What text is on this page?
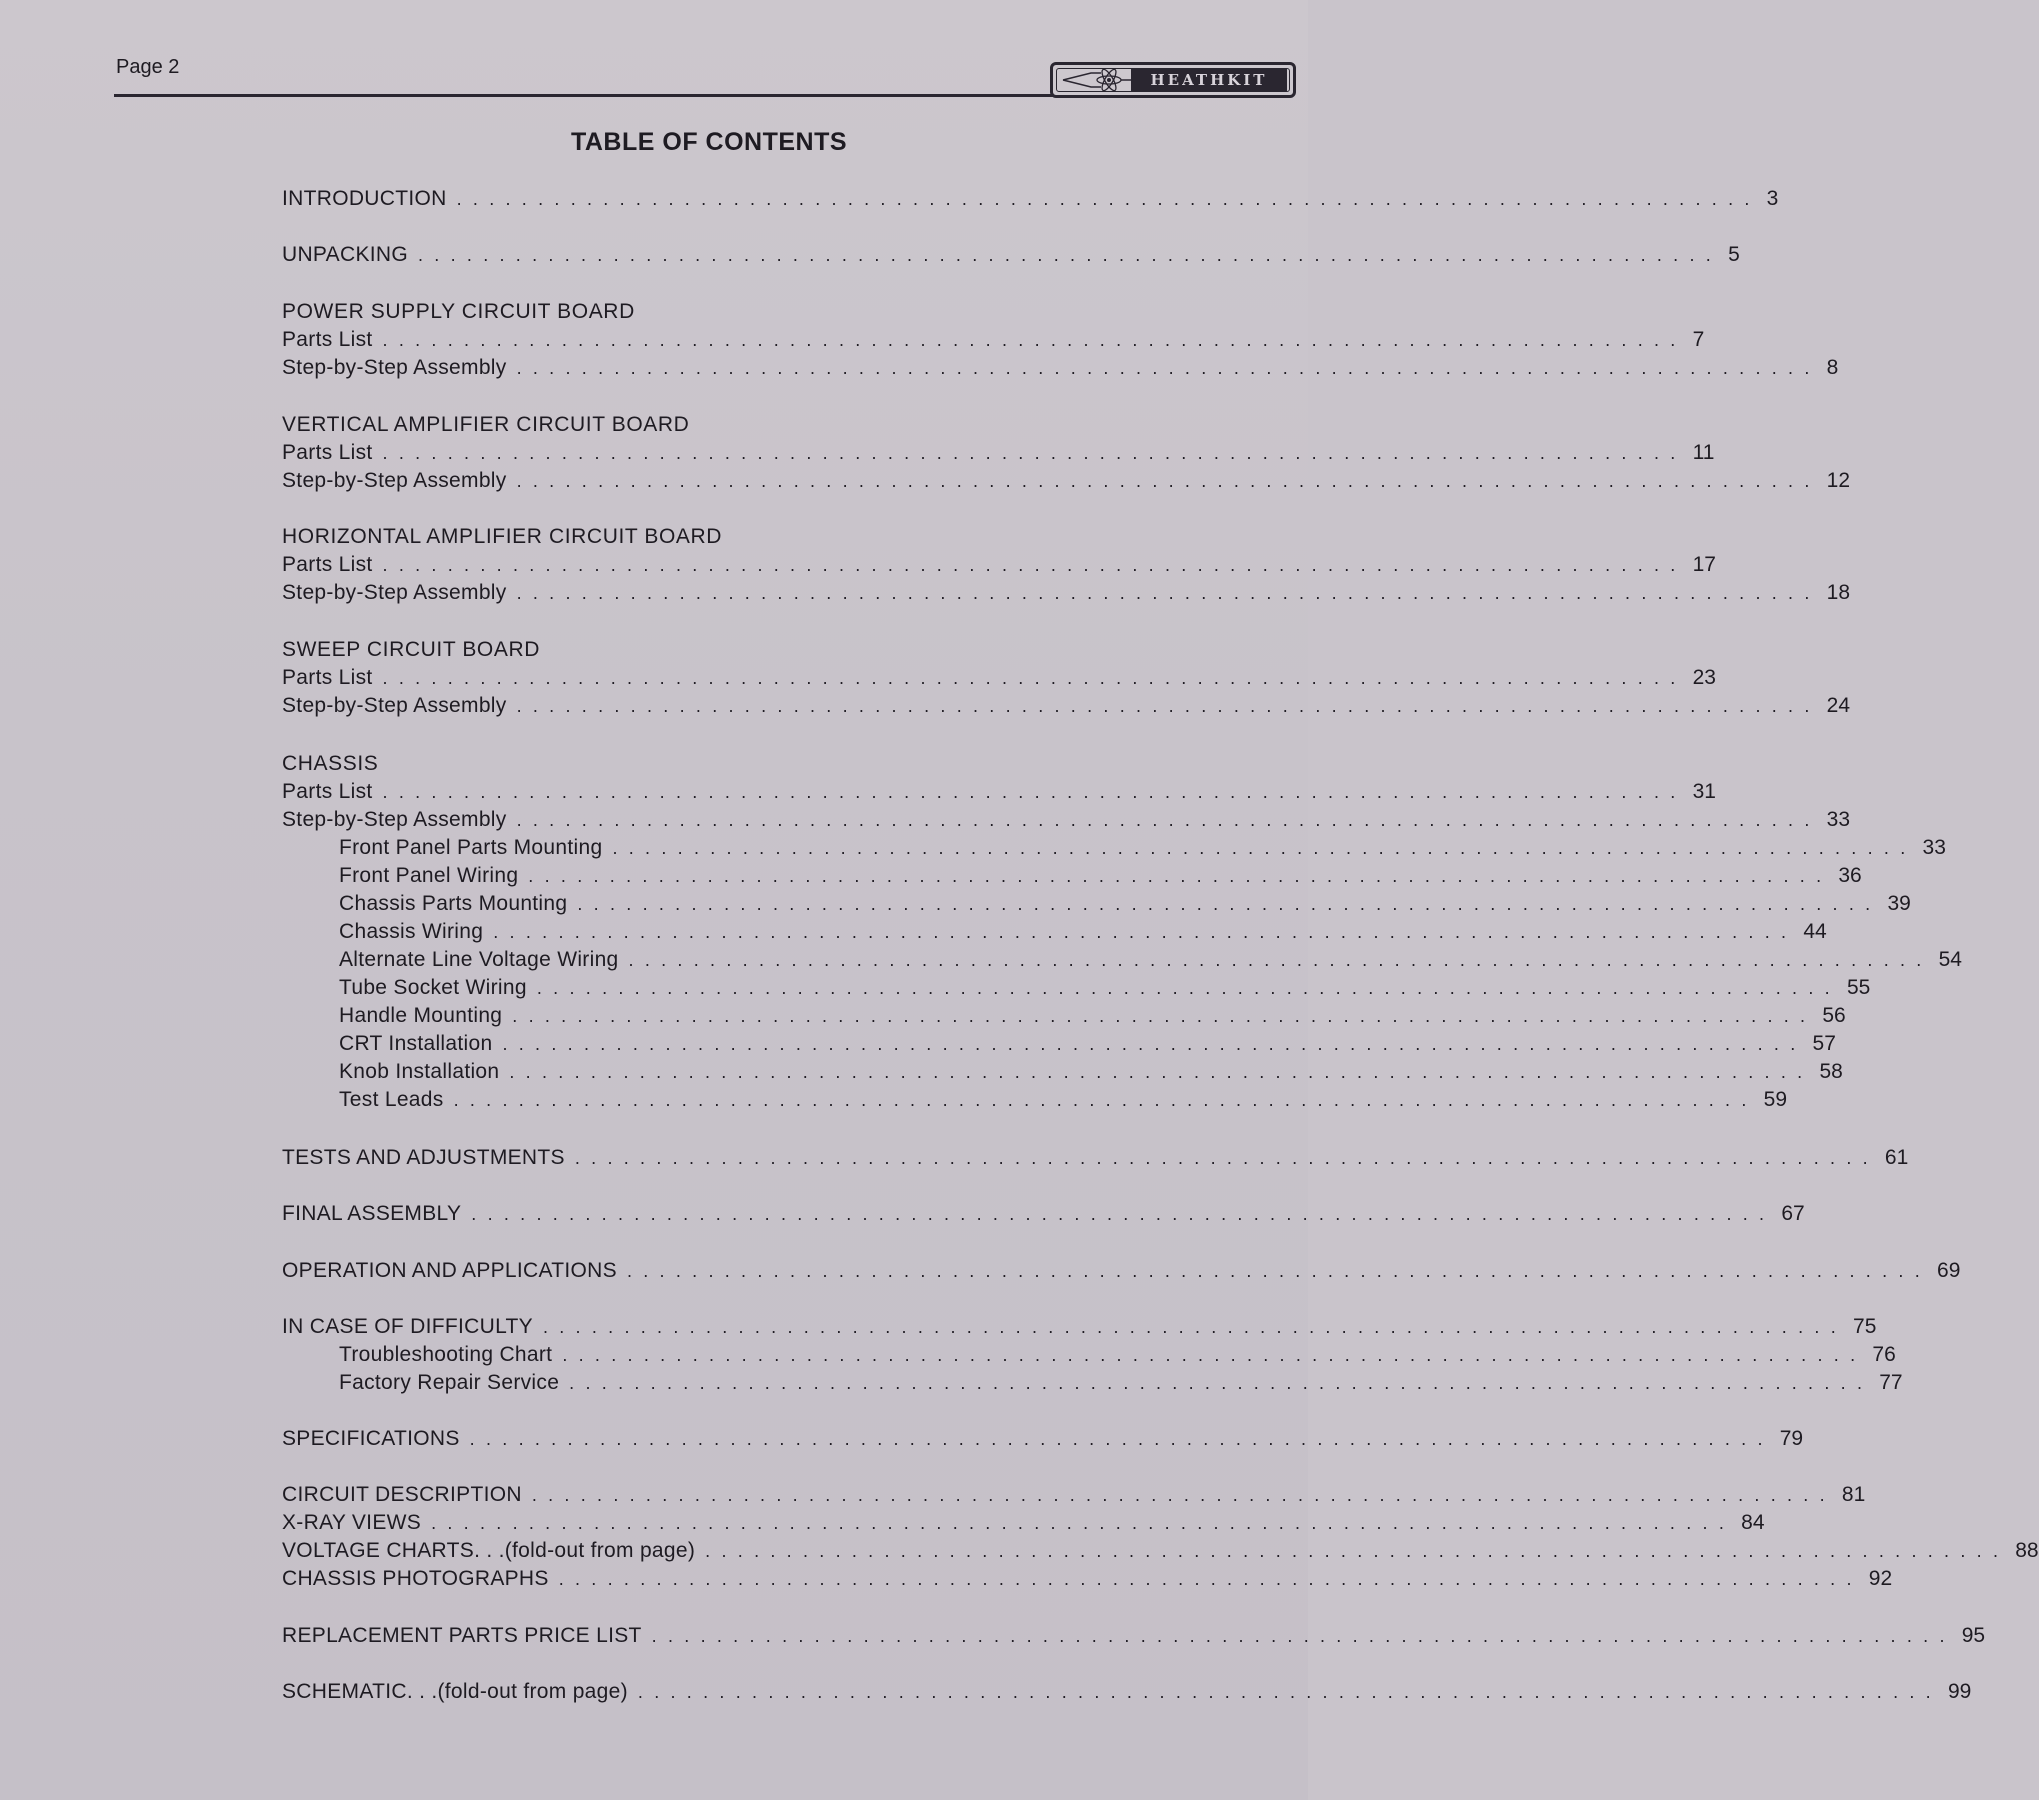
Page 2
HEATHKIT
TABLE OF CONTENTS
INTRODUCTION ................................................................................ 3
UNPACKING ................................................................................ 5
POWER SUPPLY CIRCUIT BOARD
Parts List ................................................................................ 7
Step-by-Step Assembly ................................................................................ 8
VERTICAL AMPLIFIER CIRCUIT BOARD
Parts List ................................................................................ 11
Step-by-Step Assembly ................................................................................ 12
HORIZONTAL AMPLIFIER CIRCUIT BOARD
Parts List ................................................................................ 17
Step-by-Step Assembly ................................................................................ 18
SWEEP CIRCUIT BOARD
Parts List ................................................................................ 23
Step-by-Step Assembly ................................................................................ 24
CHASSIS
Parts List ................................................................................ 31
Step-by-Step Assembly ................................................................................ 33
Front Panel Parts Mounting ................................................................................ 33
Front Panel Wiring ................................................................................ 36
Chassis Parts Mounting ................................................................................ 39
Chassis Wiring ................................................................................ 44
Alternate Line Voltage Wiring ................................................................................ 54
Tube Socket Wiring ................................................................................ 55
Handle Mounting ................................................................................ 56
CRT Installation ................................................................................ 57
Knob Installation ................................................................................ 58
Test Leads ................................................................................ 59
TESTS AND ADJUSTMENTS ................................................................................ 61
FINAL ASSEMBLY ................................................................................ 67
OPERATION AND APPLICATIONS ................................................................................ 69
IN CASE OF DIFFICULTY ................................................................................ 75
Troubleshooting Chart ................................................................................ 76
Factory Repair Service ................................................................................ 77
SPECIFICATIONS ................................................................................ 79
CIRCUIT DESCRIPTION ................................................................................ 81
X-RAY VIEWS ................................................................................ 84
VOLTAGE CHARTS. . .(fold-out from page) ................................................................................ 88
CHASSIS PHOTOGRAPHS ................................................................................ 92
REPLACEMENT PARTS PRICE LIST ................................................................................ 95
SCHEMATIC. . .(fold-out from page) ................................................................................ 99
